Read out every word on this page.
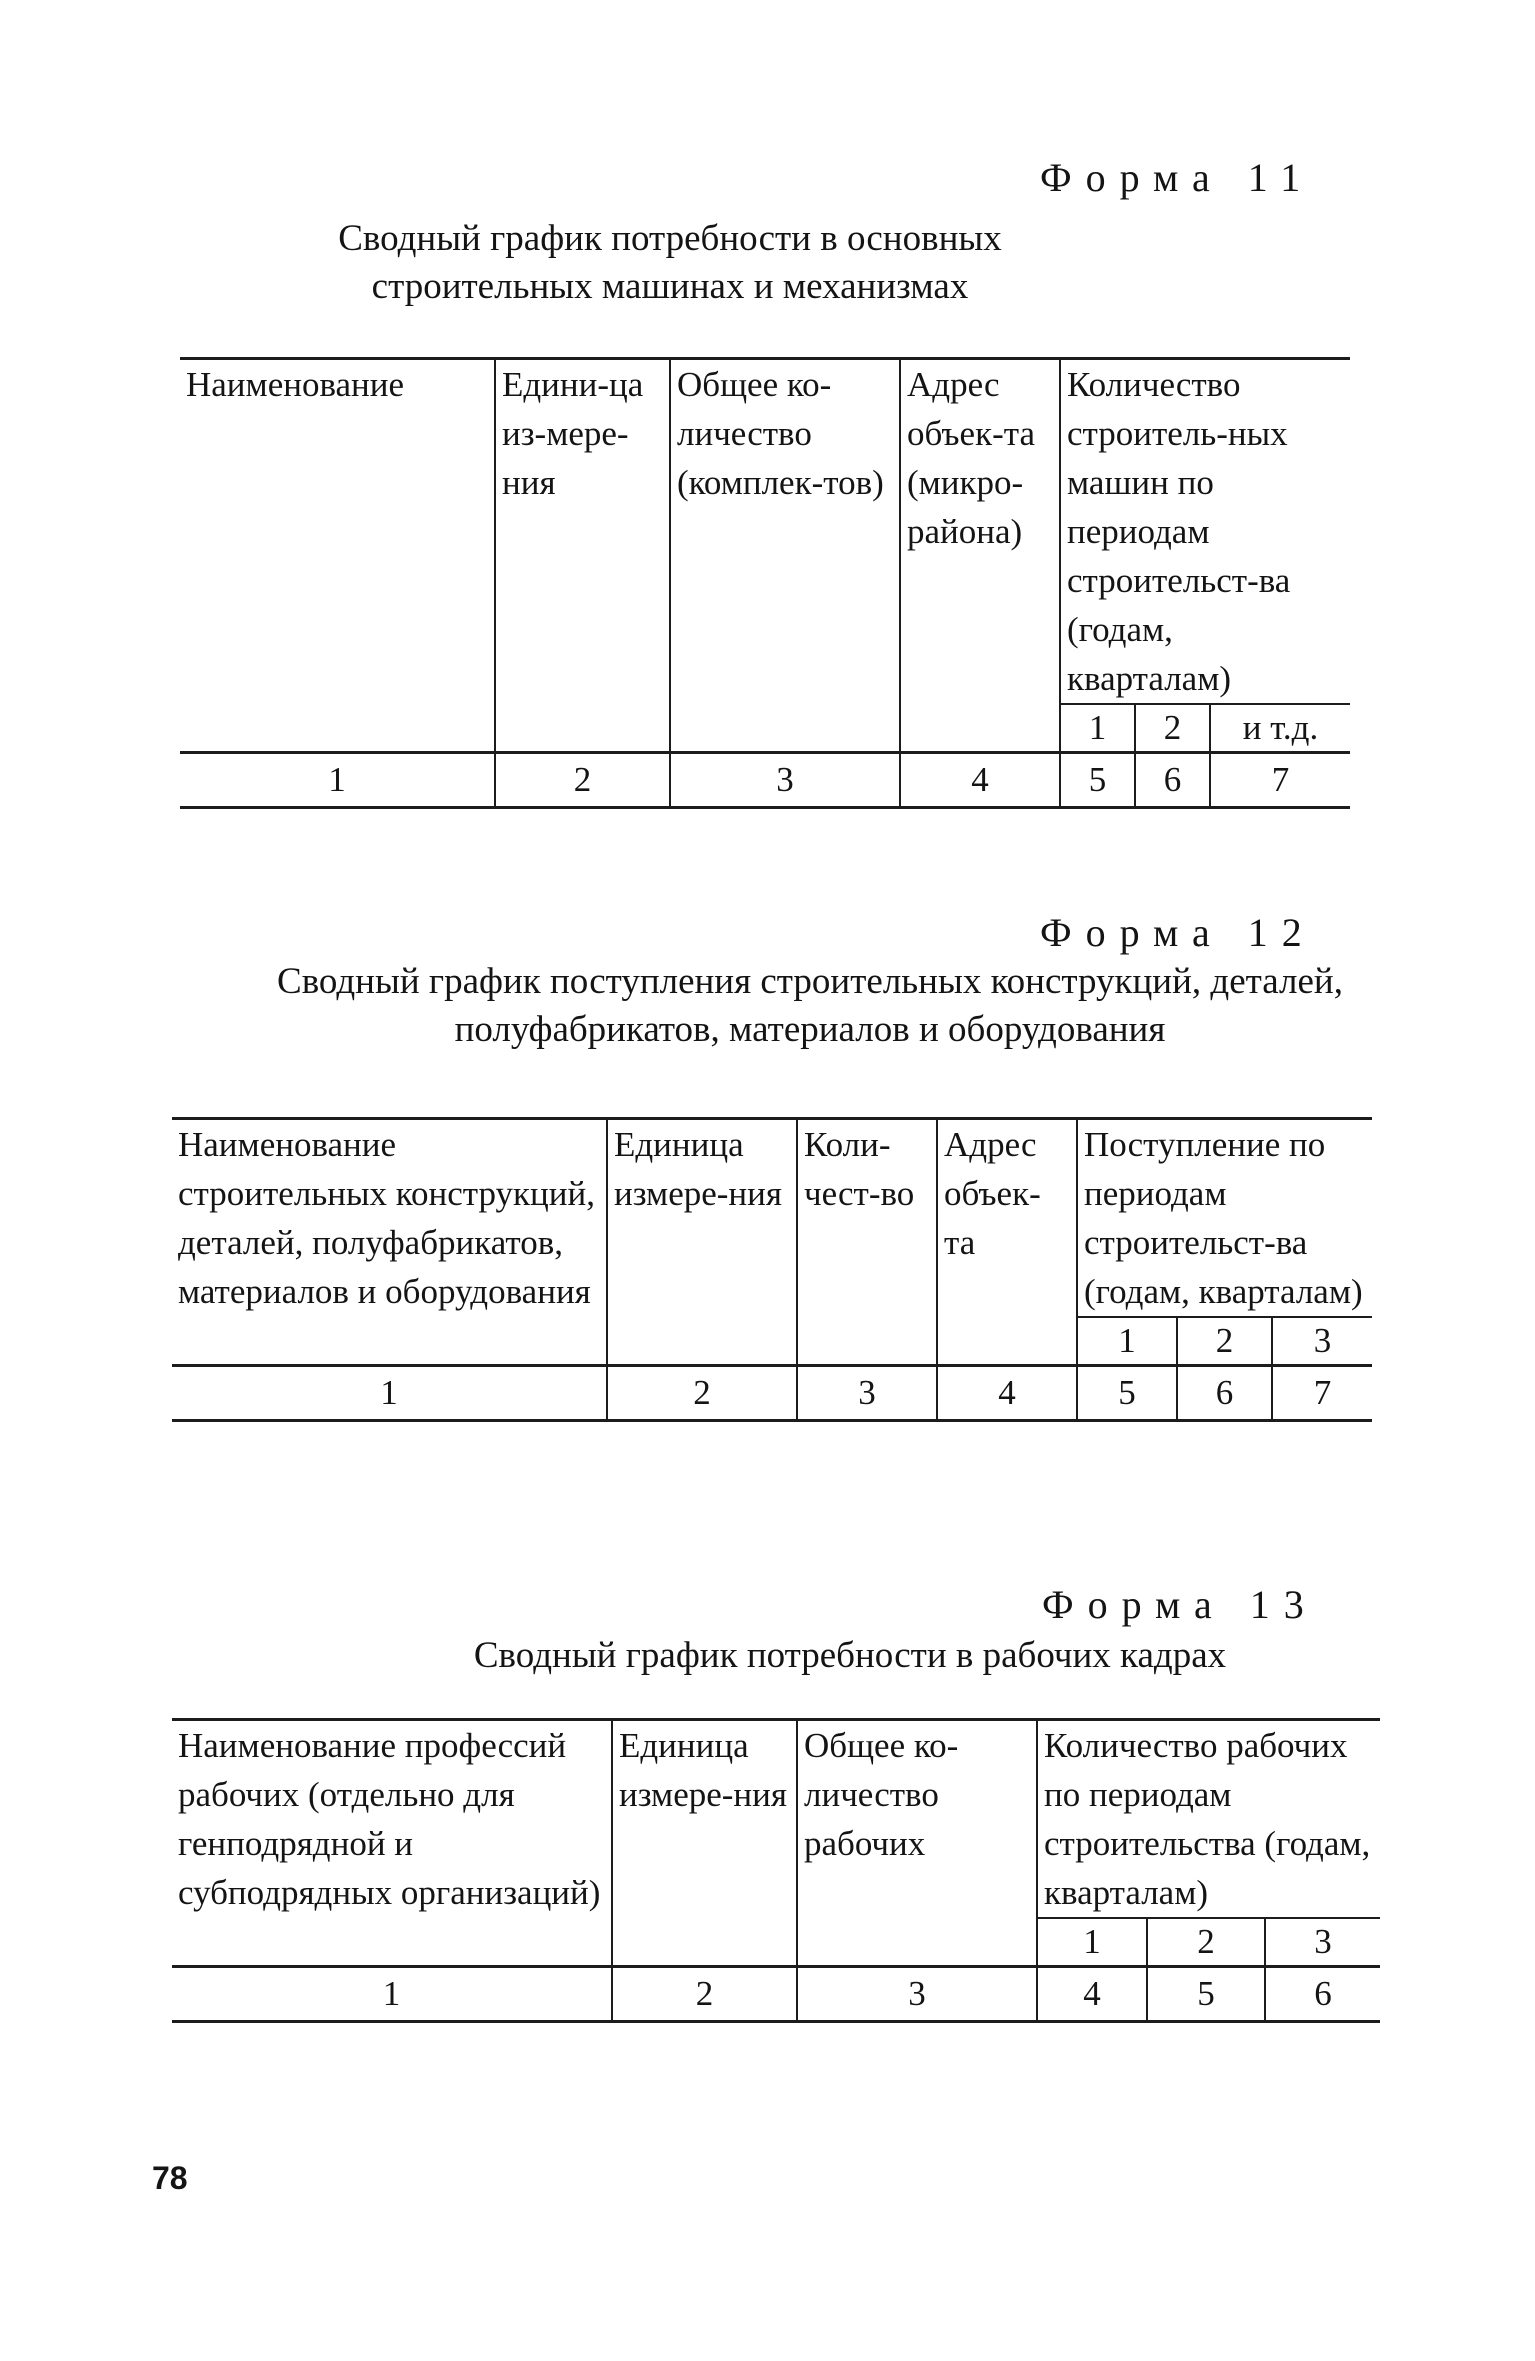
Форма 11
Сводный график потребности в основных строительных машинах и механизмах
Наименование	Едини-ца из-мере-ния	Общее ко-личество (комплек-тов)	Адрес объек-та (микро-района)	Количество строитель-ных машин по периодам строительст-ва (годам, кварталам)		
				1	2	и т.д.
1	2	3	4	5	6	7
Форма 12
Сводный график поступления строительных конструкций, деталей, полуфабрикатов, материалов и оборудования
Наименование строительных конструкций, деталей, полуфабрикатов, материалов и оборудования	Единица измере-ния	Коли-чест-во	Адрес объек-та	Поступление по периодам строительст-ва (годам, кварталам)		
				1	2	3
1	2	3	4	5	6	7
Форма 13
Сводный график потребности в рабочих кадрах
Наименование профессий рабочих (отдельно для генподрядной и субподрядных организаций)	Единица измере-ния	Общее ко-личество рабочих	Количество рабочих по периодам строительства (годам, кварталам)		
			1	2	3
1	2	3	4	5	6
78
